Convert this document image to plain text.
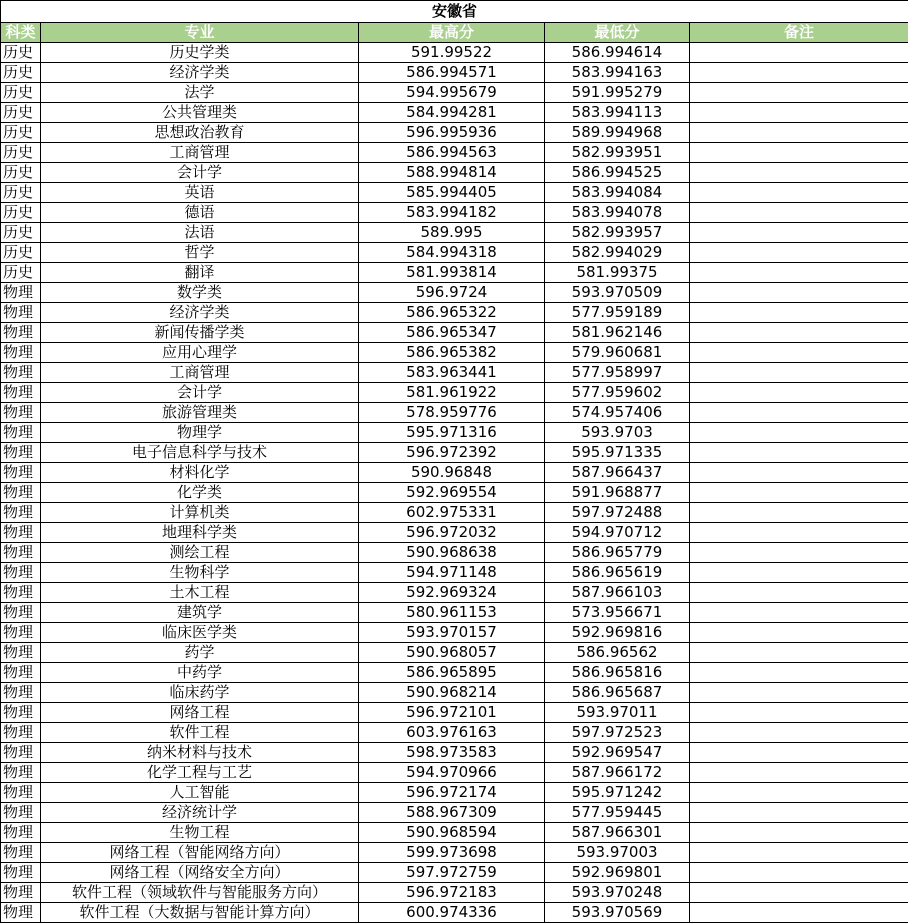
安徽省				
科类	专业	最高分	最低分	备注
历史	历史学类	591.99522	586.994614	
历史	经济学类	586.994571	583.994163	
历史	法学	594.995679	591.995279	
历史	公共管理类	584.994281	583.994113	
历史	思想政治教育	596.995936	589.994968	
历史	工商管理	586.994563	582.993951	
历史	会计学	588.994814	586.994525	
历史	英语	585.994405	583.994084	
历史	德语	583.994182	583.994078	
历史	法语	589.995	582.993957	
历史	哲学	584.994318	582.994029	
历史	翻译	581.993814	581.99375	
物理	数学类	596.9724	593.970509	
物理	经济学类	586.965322	577.959189	
物理	新闻传播学类	586.965347	581.962146	
物理	应用心理学	586.965382	579.960681	
物理	工商管理	583.963441	577.958997	
物理	会计学	581.961922	577.959602	
物理	旅游管理类	578.959776	574.957406	
物理	物理学	595.971316	593.9703	
物理	电子信息科学与技术	596.972392	595.971335	
物理	材料化学	590.96848	587.966437	
物理	化学类	592.969554	591.968877	
物理	计算机类	602.975331	597.972488	
物理	地理科学类	596.972032	594.970712	
物理	测绘工程	590.968638	586.965779	
物理	生物科学	594.971148	586.965619	
物理	土木工程	592.969324	587.966103	
物理	建筑学	580.961153	573.956671	
物理	临床医学类	593.970157	592.969816	
物理	药学	590.968057	586.96562	
物理	中药学	586.965895	586.965816	
物理	临床药学	590.968214	586.965687	
物理	网络工程	596.972101	593.97011	
物理	软件工程	603.976163	597.972523	
物理	纳米材料与技术	598.973583	592.969547	
物理	化学工程与工艺	594.970966	587.966172	
物理	人工智能	596.972174	595.971242	
物理	经济统计学	588.967309	577.959445	
物理	生物工程	590.968594	587.966301	
物理	网络工程（智能网络方向）	599.973698	593.97003	
物理	网络工程（网络安全方向）	597.972759	592.969801	
物理	软件工程（领域软件与智能服务方向）	596.972183	593.970248	
物理	软件工程（大数据与智能计算方向）	600.974336	593.970569	
